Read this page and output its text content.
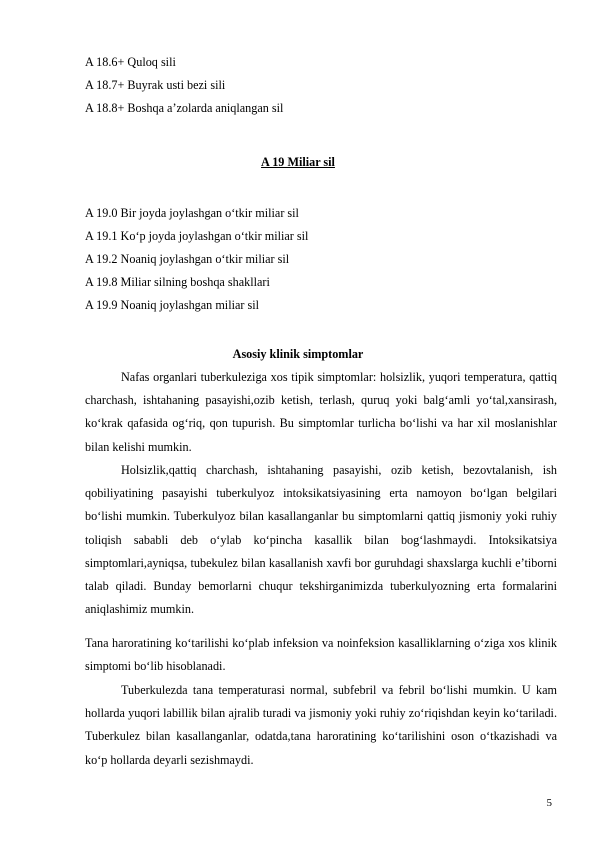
A 18.6+ Quloq sili
A 18.7+ Buyrak usti bezi sili
A 18.8+ Boshqa a’zolarda aniqlangan sil
A 19 Miliar sil
A 19.0 Bir joyda joylashgan o‘tkir miliar sil
A 19.1 Ko‘p joyda joylashgan o‘tkir miliar sil
A 19.2 Noaniq joylashgan o‘tkir miliar sil
A 19.8 Miliar silning boshqa shakllari
A 19.9 Noaniq joylashgan miliar sil
Asosiy klinik simptomlar
Nafas organlari tuberkuleziga xos tipik simptomlar: holsizlik, yuqori temperatura, qattiq charchash, ishtahaning pasayishi,ozib ketish, terlash, quruq yoki balg‘amli yo‘tal,xansirash, ko‘krak qafasida og‘riq, qon tupurish. Bu simptomlar turlicha bo‘lishi va har xil moslanishlar bilan kelishi mumkin.
Holsizlik,qattiq charchash, ishtahaning pasayishi, ozib ketish, bezovtalanish, ish qobiliyatining pasayishi tuberkulyoz intoksikatsiyasining erta namoyon bo‘lgan belgilari bo‘lishi mumkin. Tuberkulyoz bilan kasallanganlar bu simptomlarni qattiq jismoniy yoki ruhiy toliqish sababli deb o‘ylab ko‘pincha kasallik bilan bog‘lashmaydi. Intoksikatsiya simptomlari,ayniqsa, tubekulez bilan kasallanish xavfi bor guruhdagi shaxslarga kuchli e’tiborni talab qiladi. Bunday bemorlarni chuqur tekshirganimizda tuberkulyozning erta formalarini aniqlashimiz mumkin.
Tana haroratining ko‘tarilishi ko‘plab infeksion va noinfeksion kasalliklarning o‘ziga xos klinik simptomi bo‘lib hisoblanadi.
Tuberkulezda tana temperaturasi normal, subfebril va febril bo‘lishi mumkin. U kam hollarda yuqori labillik bilan ajralib turadi va jismoniy yoki ruhiy zo‘riqishdan keyin ko‘tariladi. Tuberkulez bilan kasallanganlar, odatda,tana haroratining ko‘tarilishini oson o‘tkazishadi va ko‘p hollarda deyarli sezishmaydi.
5
